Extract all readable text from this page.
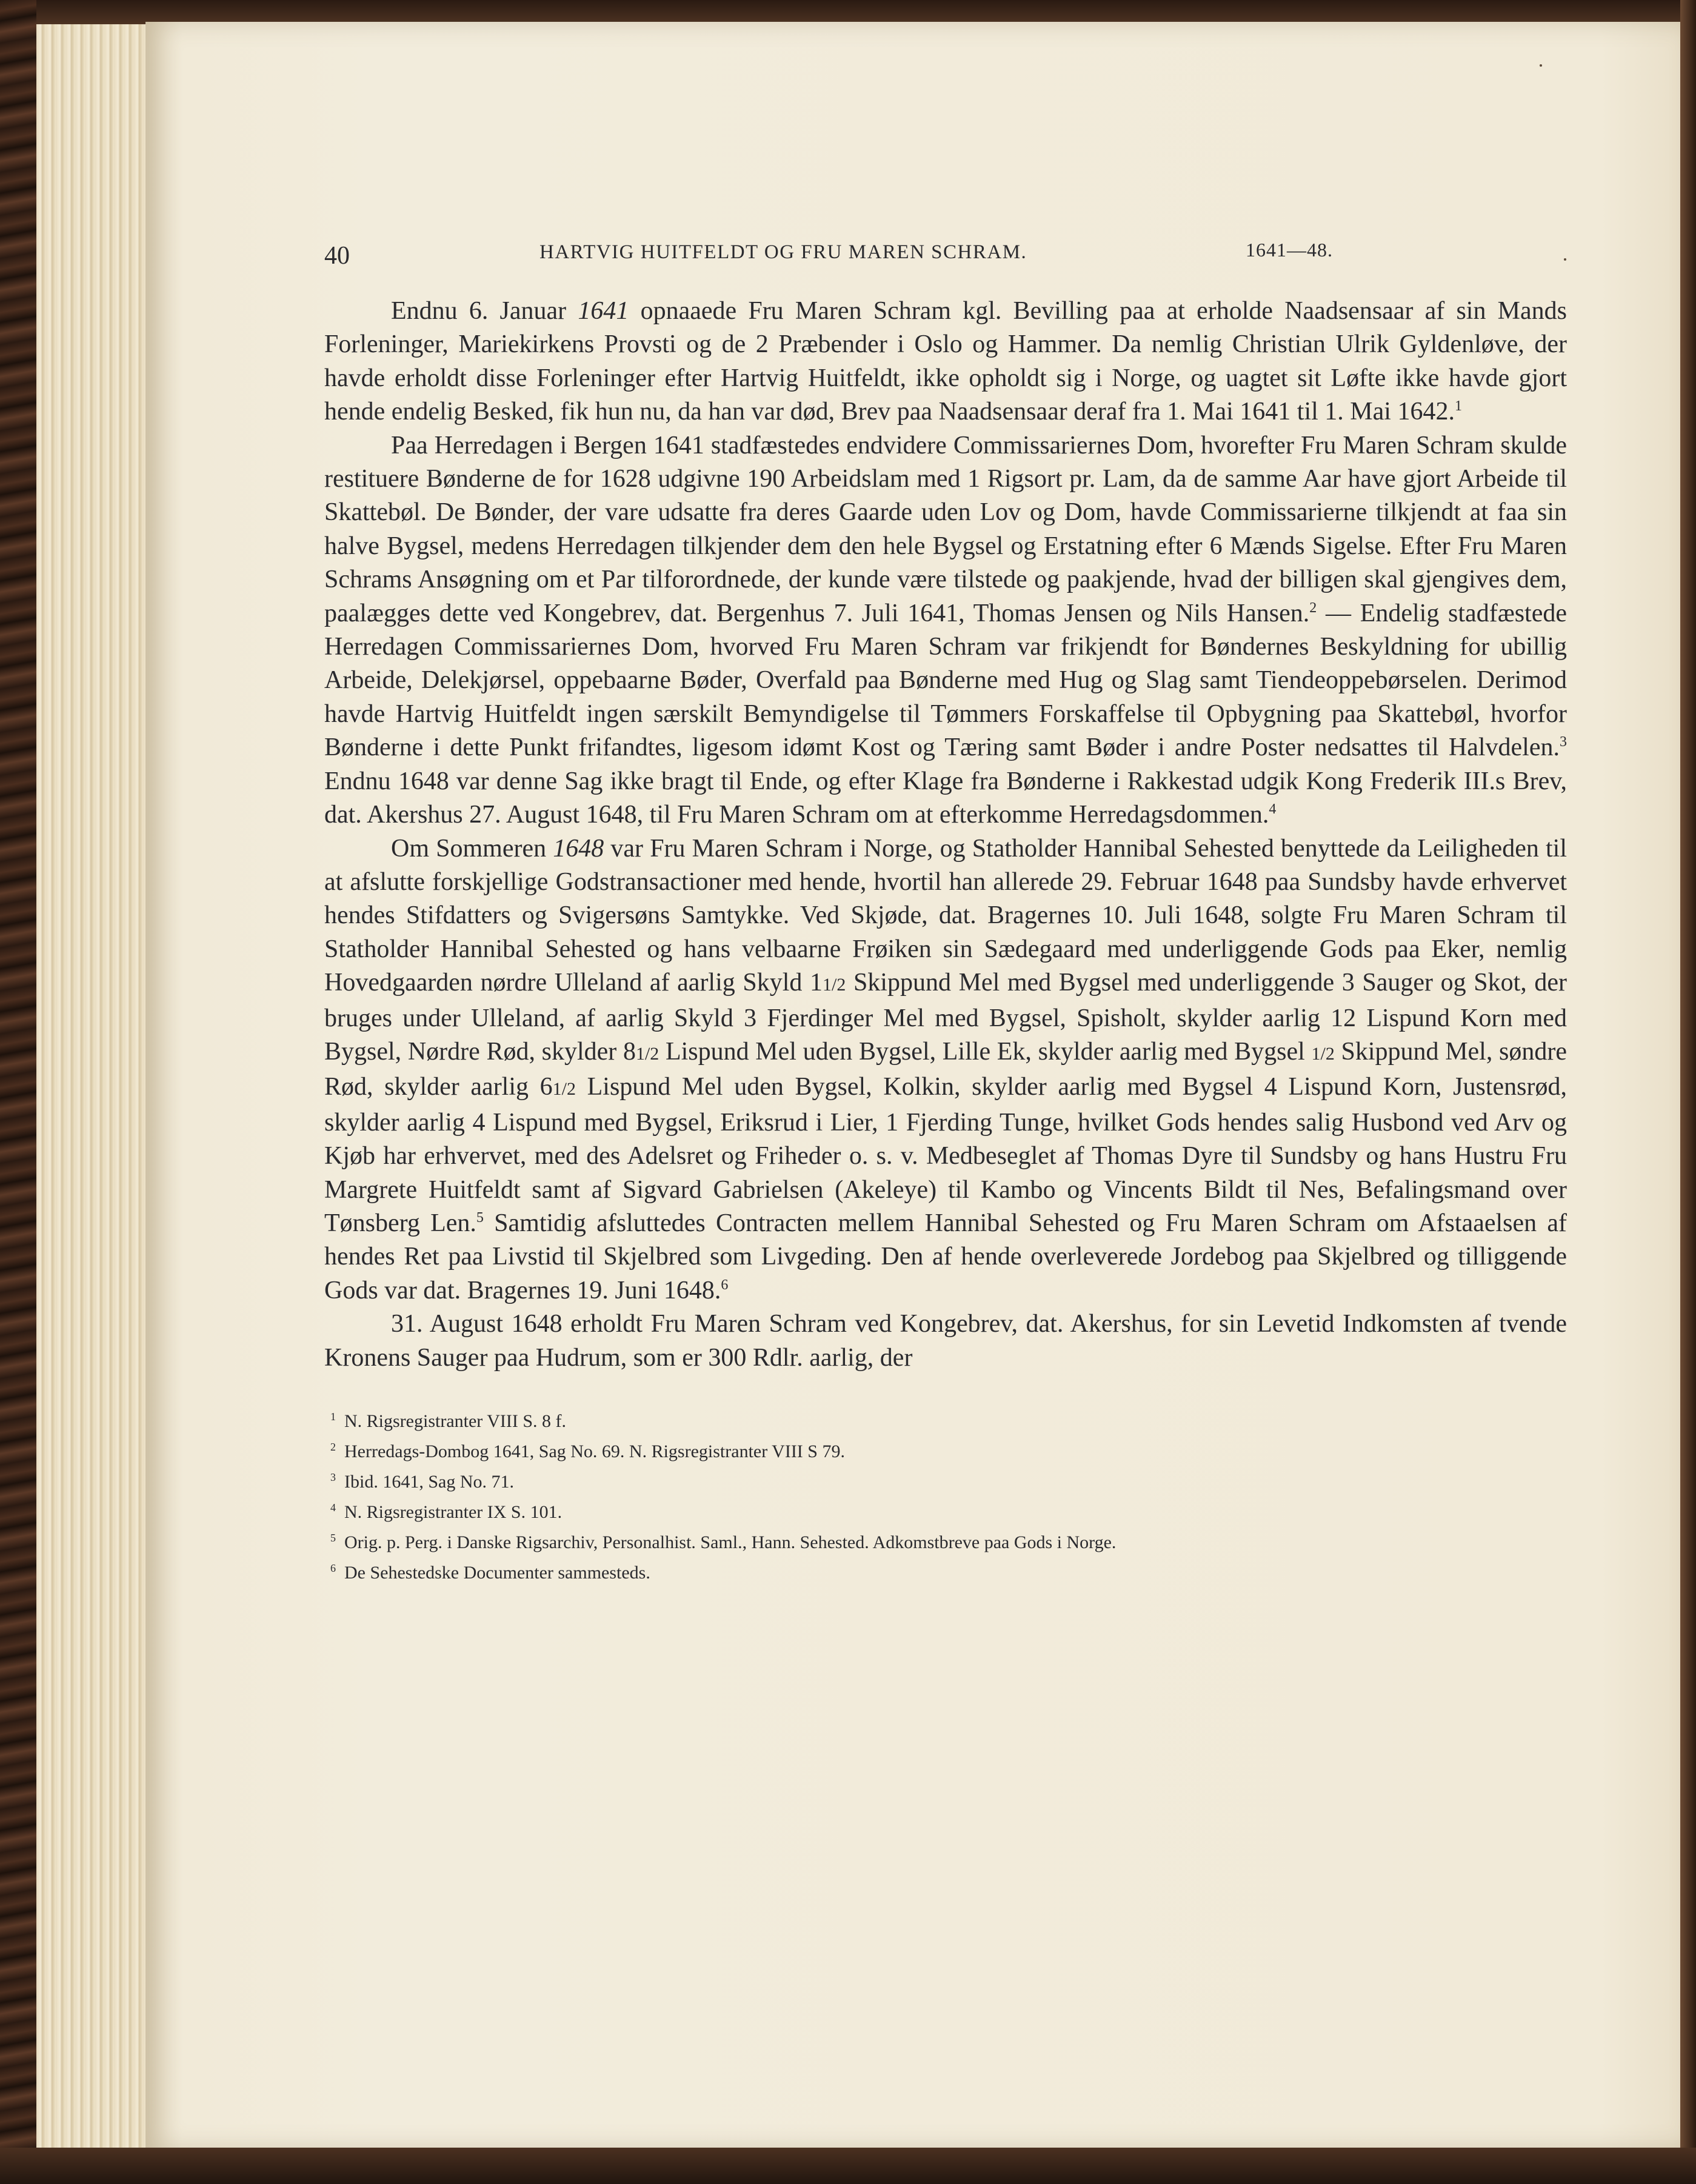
40	HARTVIG HUITFELDT OG FRU MAREN SCHRAM.	1641—48.

Endnu 6. Januar 1641 opnaaede Fru Maren Schram kgl. Bevilling paa at erholde Naadsensaar af sin Mands Forleninger, Mariekirkens Provsti og de 2 Præbender i Oslo og Hammer. Da nemlig Christian Ulrik Gyldenløve, der havde erholdt disse Forleninger efter Hartvig Huitfeldt, ikke opholdt sig i Norge, og uagtet sit Løfte ikke havde gjort hende endelig Besked, fik hun nu, da han var død, Brev paa Naadsensaar deraf fra 1. Mai 1641 til 1. Mai 1642.$^1$

Paa Herredagen i Bergen 1641 stadfæstedes endvidere Commissariernes Dom, hvorefter Fru Maren Schram skulde restituere Bønderne de for 1628 udgivne 190 Arbeidslam med 1 Rigsort pr. Lam, da de samme Aar have gjort Arbeide til Skattebøl. De Bønder, der vare udsatte fra deres Gaarde uden Lov og Dom, havde Commissarierne tilkjendt at faa sin halve Bygsel, medens Herredagen tilkjender dem den hele Bygsel og Erstatning efter 6 Mænds Sigelse. Efter Fru Maren Schrams Ansøgning om et Par tilforordnede, der kunde være tilstede og paakjende, hvad der billigen skal gjengives dem, paalægges dette ved Kongebrev, dat. Bergenhus 7. Juli 1641, Thomas Jensen og Nils Hansen.$^2$ — Endelig stadfæstede Herredagen Commissariernes Dom, hvorved Fru Maren Schram var frikjendt for Bøndernes Beskyldning for ubillig Arbeide, Delekjørsel, oppebaarne Bøder, Overfald paa Bønderne med Hug og Slag samt Tiendeoppebørselen. Derimod havde Hartvig Huitfeldt ingen særskilt Bemyndigelse til Tømmers Forskaffelse til Opbygning paa Skattebøl, hvorfor Bønderne i dette Punkt frifandtes, ligesom idømt Kost og Tæring samt Bøder i andre Poster nedsattes til Halvdelen.$^3$ Endnu 1648 var denne Sag ikke bragt til Ende, og efter Klage fra Bønderne i Rakkestad udgik Kong Frederik III.s Brev, dat. Akershus 27. August 1648, til Fru Maren Schram om at efterkomme Herredagsdommen.$^4$

Om Sommeren 1648 var Fru Maren Schram i Norge, og Statholder Hannibal Sehested benyttede da Leiligheden til at afslutte forskjellige Godstransactioner med hende, hvortil han allerede 29. Februar 1648 paa Sundsby havde erhvervet hendes Stifdatters og Svigersøns Samtykke. Ved Skjøde, dat. Bragernes 10. Juli 1648, solgte Fru Maren Schram til Statholder Hannibal Sehested og hans velbaarne Frøiken sin Sædegaard med underliggende Gods paa Eker, nemlig Hovedgaarden nørdre Ulleland af aarlig Skyld 11/2 Skippund Mel med Bygsel med underliggende 3 Sauger og Skot, der bruges under Ulleland, af aarlig Skyld 3 Fjerdinger Mel med Bygsel, Spisholt, skylder aarlig 12 Lispund Korn med Bygsel, Nørdre Rød, skylder 81/2 Lispund Mel uden Bygsel, Lille Ek, skylder aarlig med Bygsel 1/2 Skippund Mel, søndre Rød, skylder aarlig 61/2 Lispund Mel uden Bygsel, Kolkin, skylder aarlig med Bygsel 4 Lispund Korn, Justensrød, skylder aarlig 4 Lispund med Bygsel, Eriksrud i Lier, 1 Fjerding Tunge, hvilket Gods hendes salig Husbond ved Arv og Kjøb har erhvervet, med des Adelsret og Friheder o. s. v. Medbeseglet af Thomas Dyre til Sundsby og hans Hustru Fru Margrete Huitfeldt samt af Sigvard Gabrielsen (Akeleye) til Kambo og Vincents Bildt til Nes, Befalingsmand over Tønsberg Len.$^5$ Samtidig afsluttedes Contracten mellem Hannibal Sehested og Fru Maren Schram om Afstaaelsen af hendes Ret paa Livstid til Skjelbred som Livgeding. Den af hende overleverede Jordebog paa Skjelbred og tilliggende Gods var dat. Bragernes 19. Juni 1648.$^6$

31. August 1648 erholdt Fru Maren Schram ved Kongebrev, dat. Akershus, for sin Levetid Indkomsten af tvende Kronens Sauger paa Hudrum, som er 300 Rdlr. aarlig, der

$^1$ N. Rigsregistranter VIII S. 8 f.
$^2$ Herredags-Dombog 1641, Sag No. 69. N. Rigsregistranter VIII S 79.
$^3$ Ibid. 1641, Sag No. 71.
$^4$ N. Rigsregistranter IX S. 101.
$^5$ Orig. p. Perg. i Danske Rigsarchiv, Personalhist. Saml., Hann. Sehested. Adkomstbreve paa Gods i Norge.
$^6$ De Sehestedske Documenter sammesteds.
